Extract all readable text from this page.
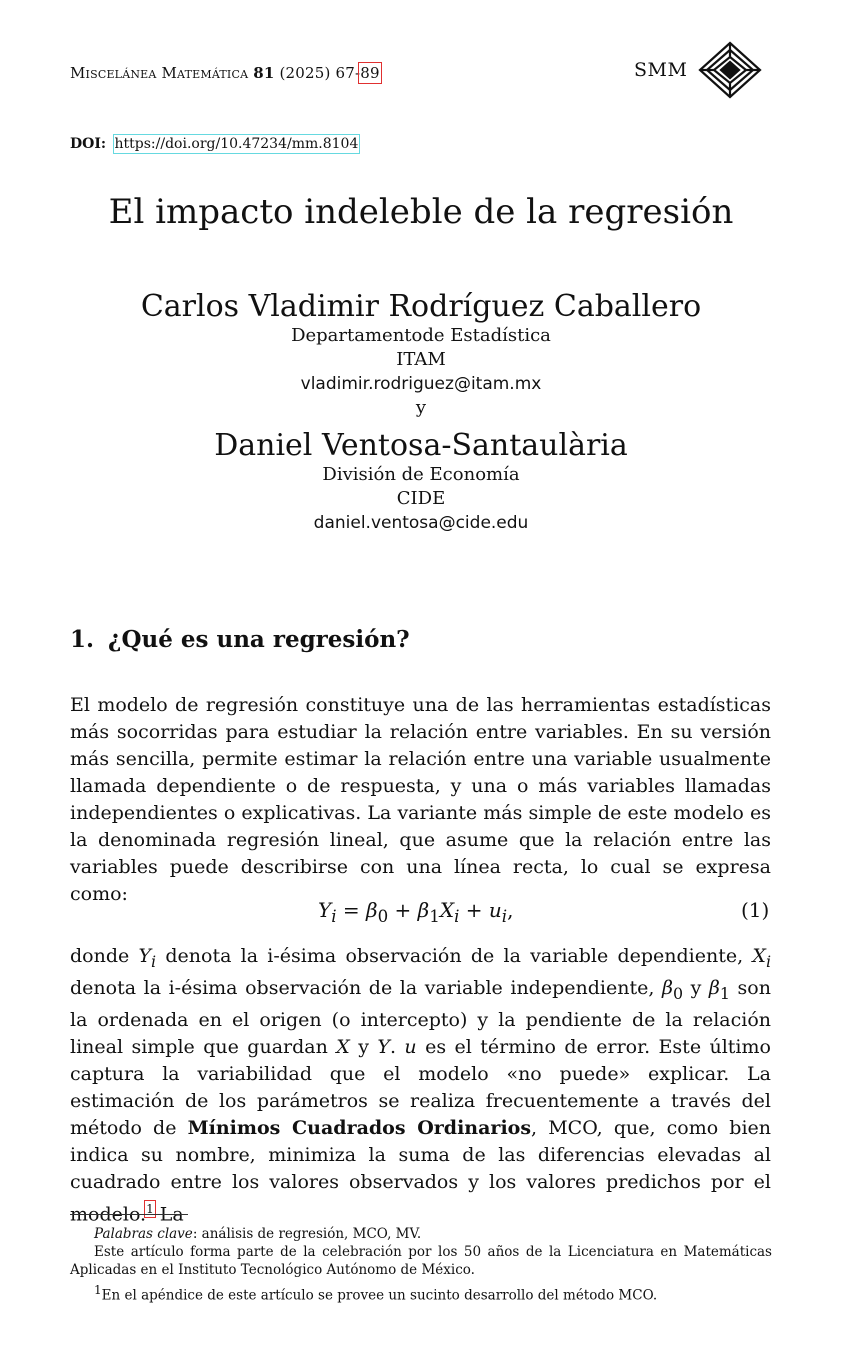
Miscelánea Matemática 81 (2025) 67-89	SMM
DOI: https://doi.org/10.47234/mm.8104
El impacto indeleble de la regresión
Carlos Vladimir Rodríguez Caballero
Departamentode Estadística
ITAM
vladimir.rodriguez@itam.mx
y
Daniel Ventosa-Santaulària
División de Economía
CIDE
daniel.ventosa@cide.edu
1. ¿Qué es una regresión?

El modelo de regresión constituye una de las herramientas estadísticas más socorridas para estudiar la relación entre variables. En su versión más sencilla, permite estimar la relación entre una variable usualmente llamada dependiente o de respuesta, y una o más variables llamadas independientes o explicativas. La variante más simple de este modelo es la denominada regresión lineal, que asume que la relación entre las variables puede describirse con una línea recta, lo cual se expresa como:

$Y_i = \beta_0 + \beta_1X_i + u_i$,	(1)

donde $Y_i$ denota la i-ésima observación de la variable dependiente, $X_i$ denota la i-ésima observación de la variable independiente, $\beta_0$ y $\beta_1$ son la ordenada en el origen (o intercepto) y la pendiente de la relación lineal simple que guardan X y Y. u es el término de error. Este último captura la variabilidad que el modelo «no puede» explicar. La estimación de los parámetros se realiza frecuentemente a través del método de Mínimos Cuadrados Ordinarios, MCO, que, como bien indica su nombre, minimiza la suma de las diferencias elevadas al cuadrado entre los valores observados y los valores predichos por el modelo.$^1$ La

Palabras clave: análisis de regresión, MCO, MV.
Este artículo forma parte de la celebración por los 50 años de la Licenciatura en Matemáticas Aplicadas en el Instituto Tecnológico Autónomo de México.
$^1$En el apéndice de este artículo se provee un sucinto desarrollo del método MCO.
